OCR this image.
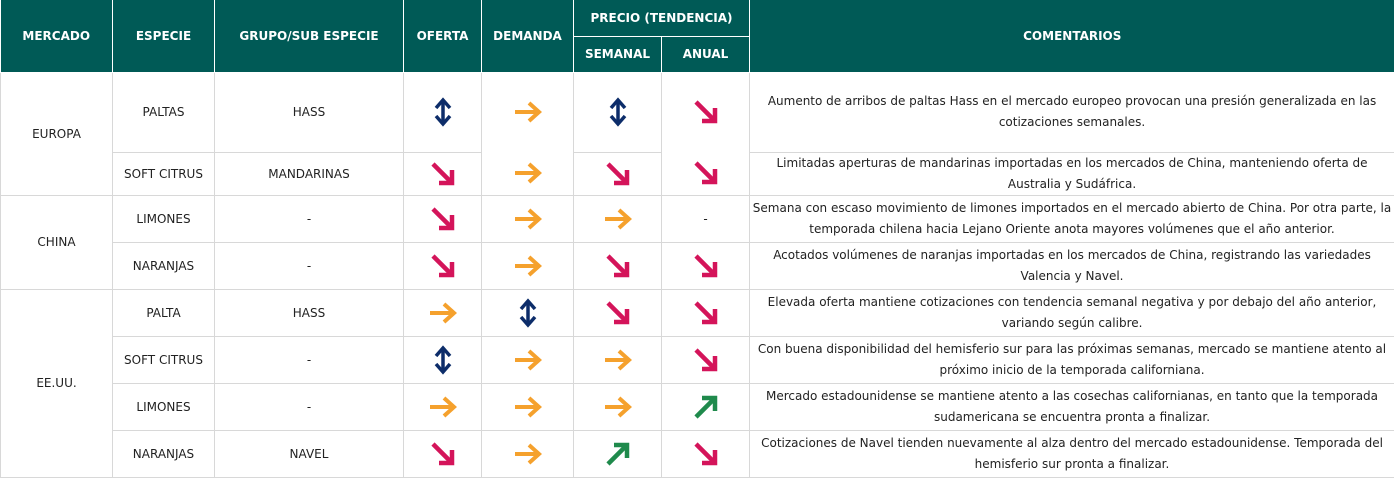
MERCADO	ESPECIE	GRUPO/SUB ESPECIE	OFERTA	DEMANDA	PRECIO (TENDENCIA)		COMENTARIOS
					SEMANAL	ANUAL	
EUROPA	PALTAS	HASS					Aumento de arribos de paltas Hass en el mercado europeo provocan una presión generalizada en las cotizaciones semanales.
	SOFT CITRUS	MANDARINAS					Limitadas aperturas de mandarinas importadas en los mercados de China, manteniendo oferta de Australia y Sudáfrica.
CHINA	LIMONES	-				-	Semana con escaso movimiento de limones importados en el mercado abierto de China. Por otra parte, la temporada chilena hacia Lejano Oriente anota mayores volúmenes que el año anterior.
	NARANJAS	-					Acotados volúmenes de naranjas importadas en los mercados de China, registrando las variedades Valencia y Navel.
EE.UU.	PALTA	HASS					Elevada oferta mantiene cotizaciones con tendencia semanal negativa y por debajo del año anterior, variando según calibre.
	SOFT CITRUS	-					Con buena disponibilidad del hemisferio sur para las próximas semanas, mercado se mantiene atento al próximo inicio de la temporada californiana.
	LIMONES	-					Mercado estadounidense se mantiene atento a las cosechas californianas, en tanto que la temporada sudamericana se encuentra pronta a finalizar.
	NARANJAS	NAVEL					Cotizaciones de Navel tienden nuevamente al alza dentro del mercado estadounidense. Temporada del hemisferio sur pronta a finalizar.
